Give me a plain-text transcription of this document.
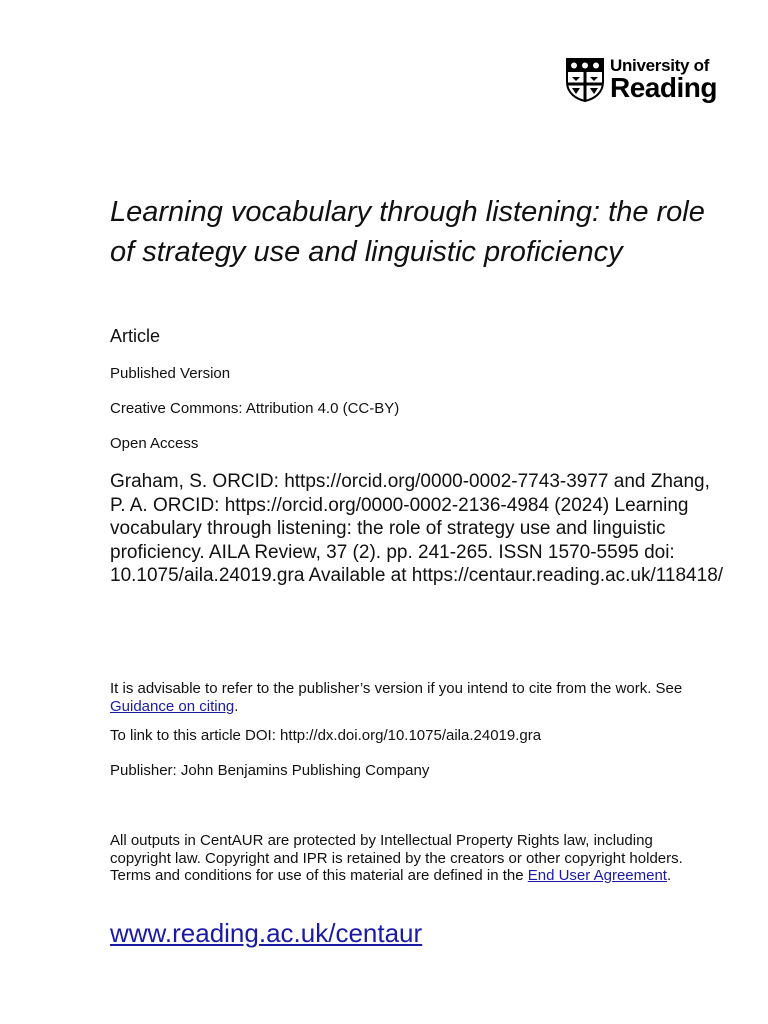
University of
Reading
Learning vocabulary through listening: the role of strategy use and linguistic proficiency
Article
Published Version
Creative Commons: Attribution 4.0 (CC-BY)
Open Access
Graham, S. ORCID: https://orcid.org/0000-0002-7743-3977 and Zhang, P. A. ORCID: https://orcid.org/0000-0002-2136-4984 (2024) Learning vocabulary through listening: the role of strategy use and linguistic proficiency. AILA Review, 37 (2). pp. 241-265. ISSN 1570-5595 doi: 10.1075/aila.24019.gra Available at https://centaur.reading.ac.uk/118418/
It is advisable to refer to the publisher’s version if you intend to cite from the work. See Guidance on citing.
To link to this article DOI: http://dx.doi.org/10.1075/aila.24019.gra
Publisher: John Benjamins Publishing Company
All outputs in CentAUR are protected by Intellectual Property Rights law, including copyright law. Copyright and IPR is retained by the creators or other copyright holders. Terms and conditions for use of this material are defined in the End User Agreement.
www.reading.ac.uk/centaur
